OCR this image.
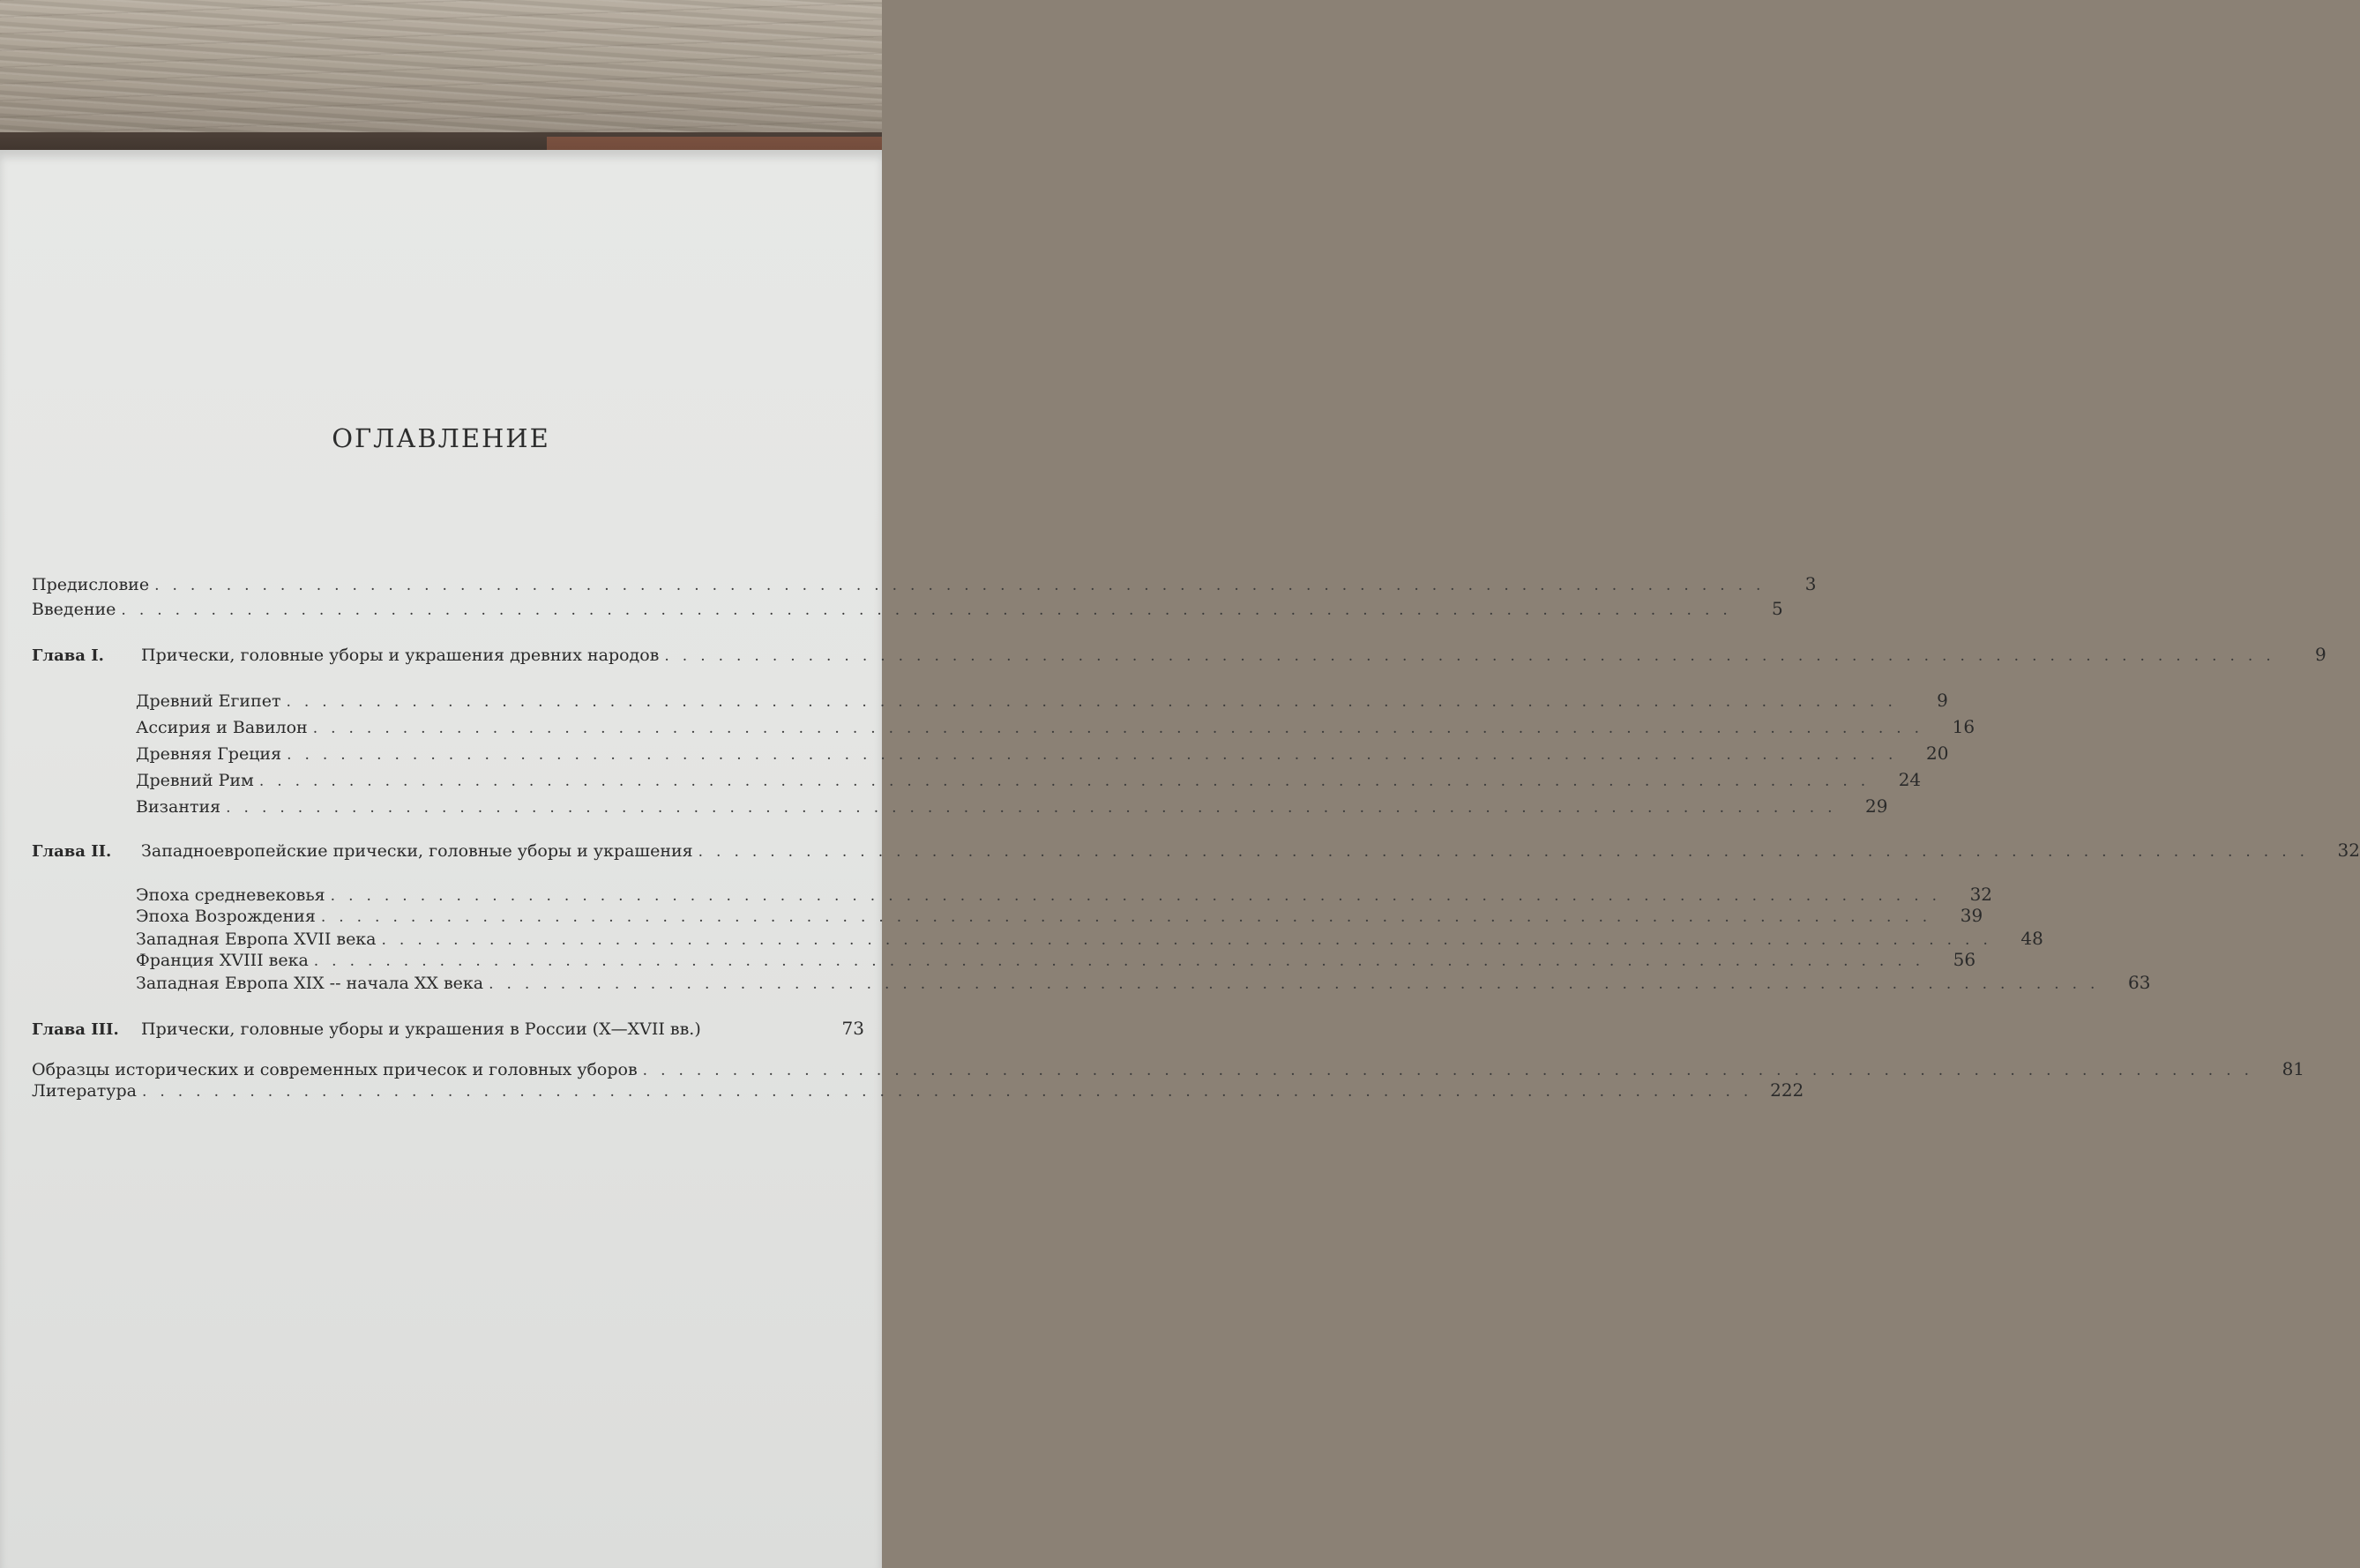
ОГЛАВЛЕНИЕ
Предисловие ..........................................................................................	3
Введение ..........................................................................................	5
Глава I. Прически, головные уборы и украшения древних народов ..........................................................................................	9
Древний Египет ..........................................................................................	9
Ассирия и Вавилон ..........................................................................................	16
Древняя Греция ..........................................................................................	20
Древний Рим ..........................................................................................	24
Византия ..........................................................................................	29
Глава II. Западноевропейские прически, головные уборы и украшения ..........................................................................................	32
Эпоха средневековья ..........................................................................................	32
Эпоха Возрождения ..........................................................................................	39
Западная Европа XVII века ..........................................................................................	48
Франция XVIII века ..........................................................................................	56
Западная Европа XIX -- начала XX века ..........................................................................................	63
Глава III. Прически, головные уборы и украшения в России (X—XVII вв.)	73
Образцы исторических и современных причесок и головных уборов ..........................................................................................	81
Литература .......................................................................................... 222
